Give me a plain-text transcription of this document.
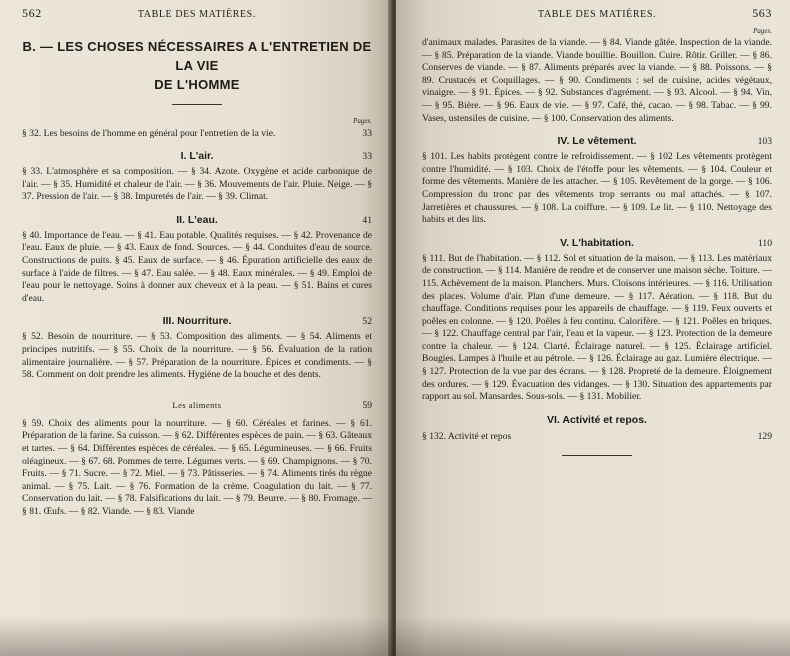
562	TABLE DES MATIÈRES.
B. — LES CHOSES NÉCESSAIRES A L'ENTRETIEN DE LA VIE
DE L'HOMME
Pages.
§ 32. Les besoins de l'homme en général pour l'entretien de la vie.	33
I. L'air.	33

§ 33. L'atmosphère et sa composition. — § 34. Azote. Oxygène et acide carbonique de l'air. — § 35. Humidité et chaleur de l'air. — § 36. Mouvements de l'air. Pluie. Neige. — § 37. Pression de l'air. — § 38. Impuretés de l'air. — § 39. Climat.

II. L'eau.	41

§ 40. Importance de l'eau. — § 41. Eau potable. Qualités requises. — § 42. Provenance de l'eau. Eaux de pluie. — § 43. Eaux de fond. Sources. — § 44. Conduites d'eau de source. Constructions de puits. § 45. Eaux de surface. — § 46. Épuration artificielle des eaux de surface à l'aide de filtres. — § 47. Eau salée. — § 48. Eaux minérales. — § 49. Emploi de l'eau pour le nettoyage. Soins à donner aux cheveux et à la peau. — § 51. Bains et cures d'eau.

III. Nourriture.	52

§ 52. Besoin de nourriture. — § 53. Composition des aliments. — § 54. Aliments et principes nutritifs. — § 55. Choix de la nourriture. — § 56. Évaluation de la ration alimentaire journalière. — § 57. Préparation de la nourriture. Épices et condiments. — § 58. Comment on doit prendre les aliments. Hygiène de la bouche et des dents.

Les aliments	59

§ 59. Choix des aliments pour la nourriture. — § 60. Céréales et farines. — § 61. Préparation de la farine. Sa cuisson. — § 62. Différentes espèces de pain. — § 63. Gâteaux et tartes. — § 64. Différentes espèces de céréales. — § 65. Légumineuses. — § 66. Fruits oléagineux. — § 67. 68. Pommes de terre. Légumes verts. — § 69. Champignons. — § 70. Fruits. — § 71. Sucre. — § 72. Miel. — § 73. Pâtisseries. — § 74. Aliments tirés du règne animal. — § 75. Lait. — § 76. Formation de la crème. Coagulation du lait. — § 77. Conservation du lait. — § 78. Falsifications du lait. — § 79. Beurre. — § 80. Fromage. — § 81. Œufs. — § 82. Viande. — § 83. Viande

TABLE DES MATIÈRES.	563
Pages.

d'animaux malades. Parasites de la viande. — § 84. Viande gâtée. Inspection de la viande. — § 85. Préparation de la viande. Viande bouillie. Bouillon. Cuire. Rôtir. Griller. — § 86. Conserves de viande. — § 87. Aliments préparés avec la viande. — § 88. Poissons. — § 89. Crustacés et Coquillages. — § 90. Condiments : sel de cuisine, acides végétaux, vinaigre. — § 91. Épices. — § 92. Substances d'agrément. — § 93. Alcool. — § 94. Vin. — § 95. Bière. — § 96. Eaux de vie. — § 97. Café, thé, cacao. — § 98. Tabac. — § 99. Vases, ustensiles de cuisine. — § 100. Conservation des aliments.

IV. Le vêtement.	103

§ 101. Les habits protègent contre le refroidissement. — § 102 Les vêtements protègent contre l'humidité. — § 103. Choix de l'étoffe pour les vêtements. — § 104. Couleur et forme des vêtements. Manière de les attacher. — § 105. Revêtement de la gorge. — § 106. Compression du tronc par des vêtements trop serrants ou mal attachés. — § 107. Jarretières et chaussures. — § 108. La coiffure. — § 109. Le lit. — § 110. Nettoyage des habits et des lits.

V. L'habitation.	110

§ 111. But de l'habitation. — § 112. Sol et situation de la maison. — § 113. Les matériaux de construction. — § 114. Manière de rendre et de conserver une maison sèche. Toiture. — 115. Achèvement de la maison. Planchers. Murs. Cloisons intérieures. — § 116. Utilisation des places. Volume d'air. Plan d'une demeure. — § 117. Aération. — § 118. But du chauffage. Conditions requises pour les appareils de chauffage. — § 119. Feux ouverts et poêles en colonne. — § 120. Poêles à feu continu. Calorifère. — § 121. Poêles en briques. — § 122. Chauffage central par l'air, l'eau et la vapeur. — § 123. Protection de la demeure contre la chaleur. — § 124. Clarté. Éclairage naturel. — § 125. Éclairage artificiel. Bougies. Lampes à l'huile et au pétrole. — § 126. Éclairage au gaz. Lumière électrique. — § 127. Protection de la vue par des écrans. — § 128. Propreté de la demeure. Éloignement des ordures. — § 129. Évacuation des vidanges. — § 130. Situation des appartements par rapport au sol. Mansardes. Sous-sols. — § 131. Mobilier.

VI. Activité et repos.
§ 132. Activité et repos	129
